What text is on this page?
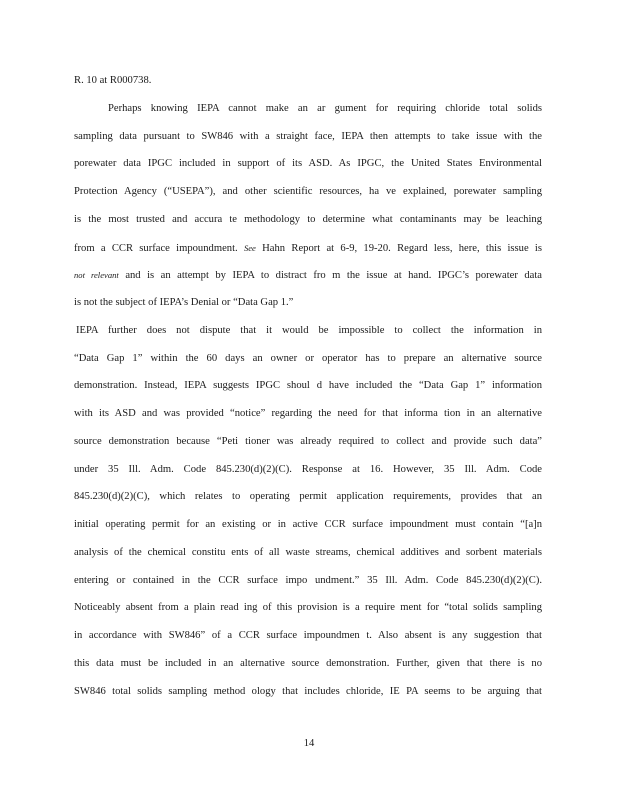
R. 10 at R000738.
Perhaps knowing IEPA cannot make an ar gument for requiring chloride total solids
sampling data pursuant to SW846 with a straight face, IEPA then attempts to take issue with the
porewater data IPGC included in support of its ASD. As IPGC, the United States Environmental
Protection Agency (“USEPA”), and other scientific resources, ha ve explained, porewater sampling
is the most trusted and accura te methodology to determine what contaminants may be leaching
from a CCR surface impoundment. See Hahn Report at 6-9, 19-20. Regard less, here, this issue is
not relevant and is an attempt by IEPA to distract fro m the issue at hand. IPGC’s porewater data
is not the subject of IEPA’s Denial or “Data Gap 1.”
IEPA further does not dispute that it would be impossible to collect the information in
“Data Gap 1” within the 60 days an owner or operator has to prepare an alternative source
demonstration. Instead, IEPA suggests IPGC shoul d have included the “Data Gap 1” information
with its ASD and was provided “notice” regarding the need for that informa tion in an alternative
source demonstration because “Peti tioner was already required to collect and provide such data”
under 35 Ill. Adm. Code 845.230(d)(2)(C). Response at 16. However, 35 Ill. Adm. Code
845.230(d)(2)(C), which relates to operating permit application requirements, provides that an
initial operating permit for an existing or in active CCR surface impoundment must contain “[a]n
analysis of the chemical constitu ents of all waste streams, chemical additives and sorbent materials
entering or contained in the CCR surface impo undment.” 35 Ill. Adm. Code 845.230(d)(2)(C).
Noticeably absent from a plain read ing of this provision is a require ment for “total solids sampling
in accordance with SW846” of a CCR surface impoundmen t. Also absent is any suggestion that
this data must be included in an alternative source demonstration. Further, given that there is no
SW846 total solids sampling method ology that includes chloride, IE PA seems to be arguing that
14
